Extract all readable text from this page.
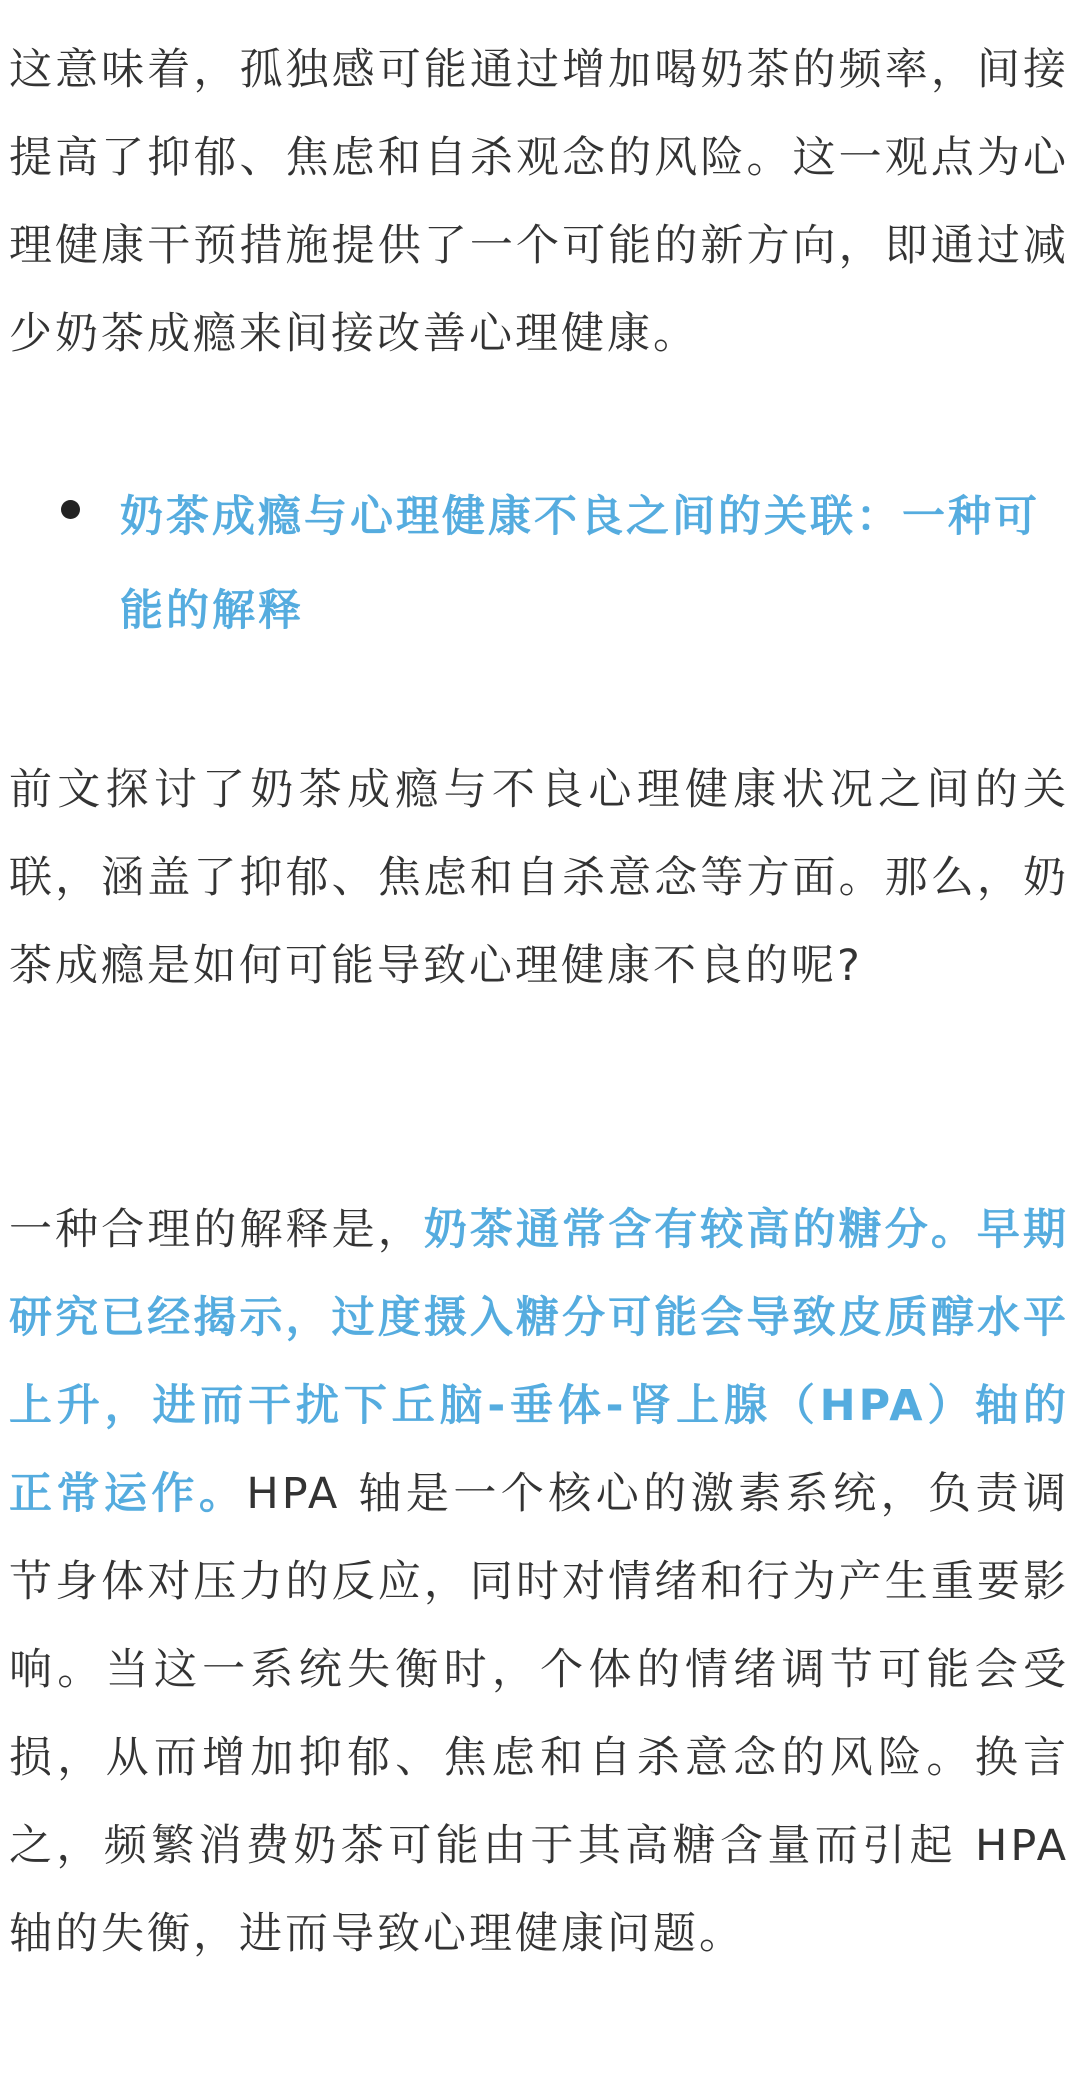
这意味着，孤独感可能通过增加喝奶茶的频率，间接提高了抑郁、焦虑和自杀观念的风险。这一观点为心理健康干预措施提供了一个可能的新方向，即通过减少奶茶成瘾来间接改善心理健康。

奶茶成瘾与心理健康不良之间的关联：一种可能的解释

前文探讨了奶茶成瘾与不良心理健康状况之间的关联，涵盖了抑郁、焦虑和自杀意念等方面。那么，奶茶成瘾是如何可能导致心理健康不良的呢?

一种合理的解释是，奶茶通常含有较高的糖分。早期研究已经揭示，过度摄入糖分可能会导致皮质醇水平上升，进而干扰下丘脑-垂体-肾上腺（HPA）轴的正常运作。HPA 轴是一个核心的激素系统，负责调节身体对压力的反应，同时对情绪和行为产生重要影响。当这一系统失衡时，个体的情绪调节可能会受损，从而增加抑郁、焦虑和自杀意念的风险。换言之，频繁消费奶茶可能由于其高糖含量而引起 HPA 轴的失衡，进而导致心理健康问题。
